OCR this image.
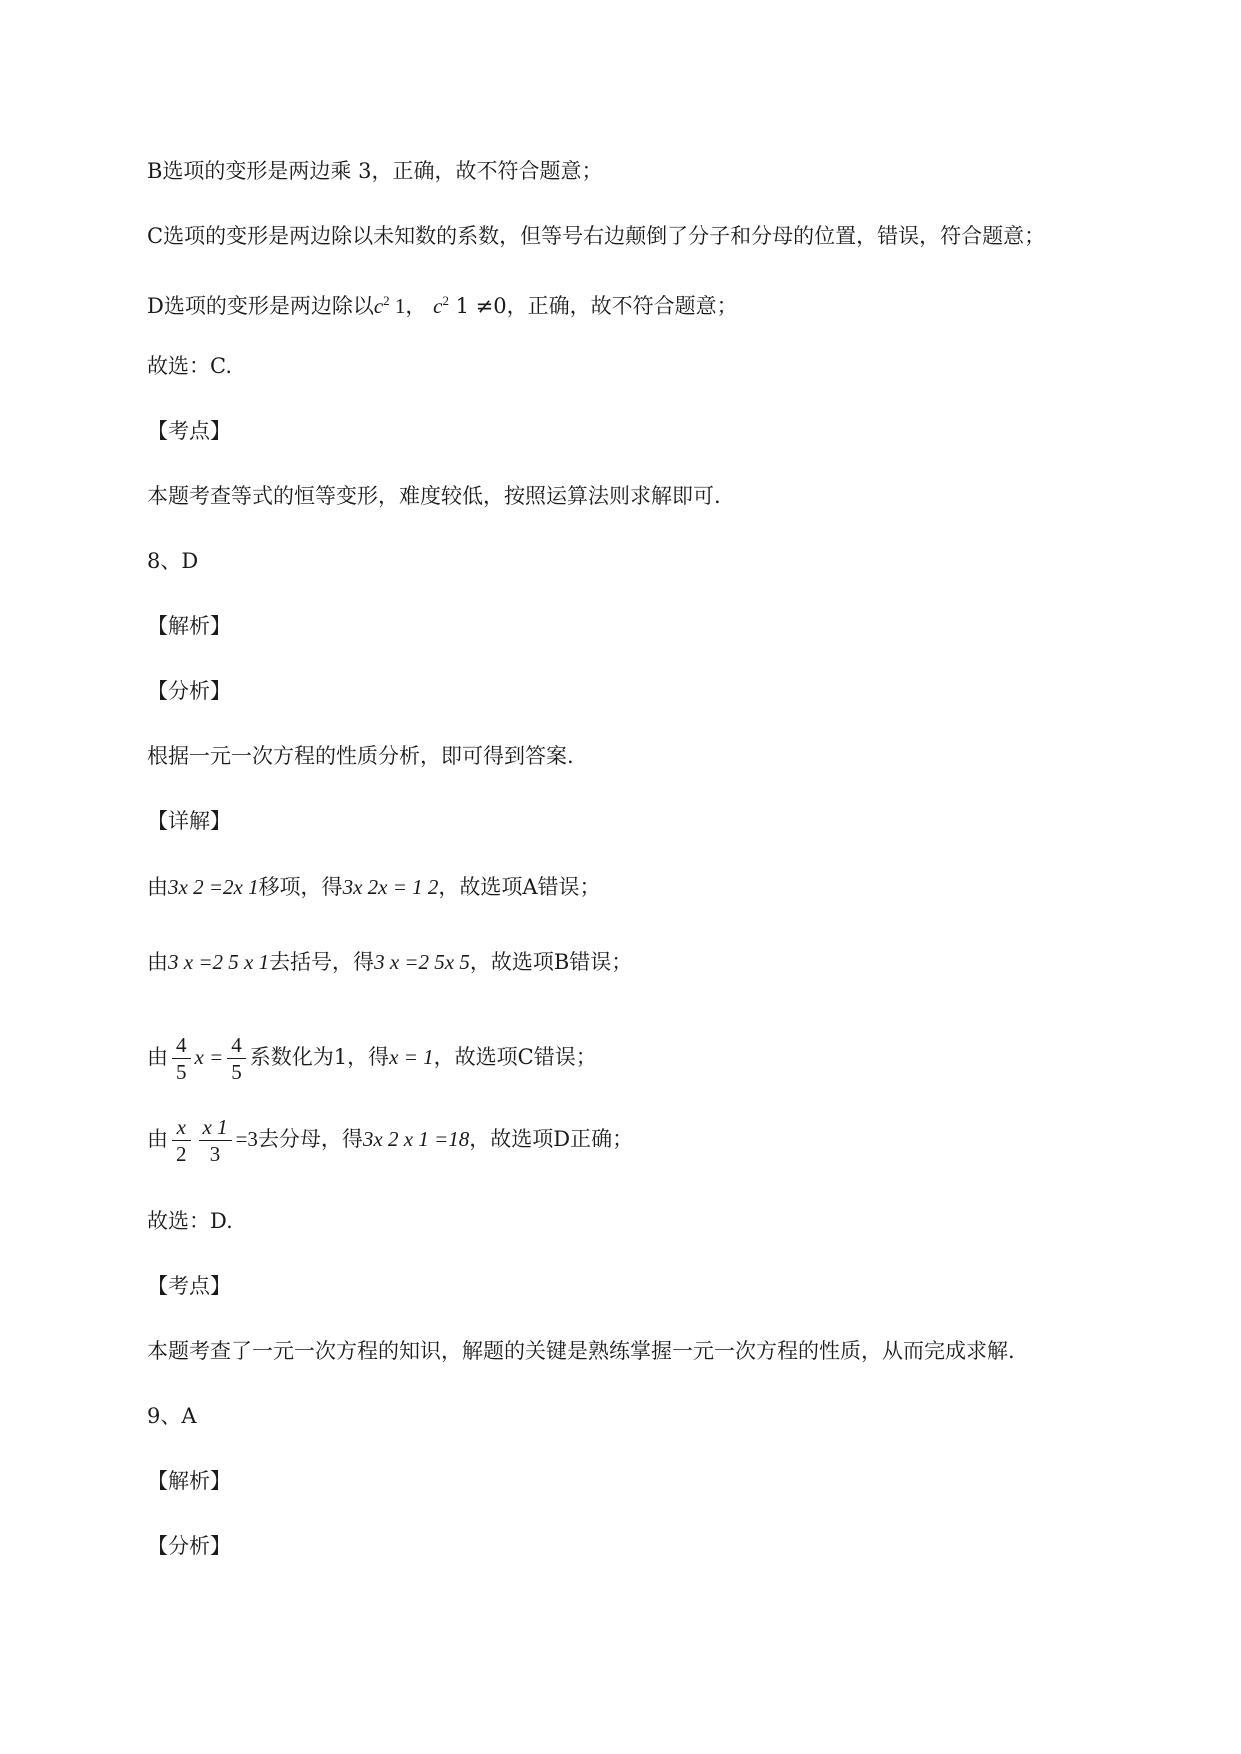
B选项的变形是两边乘 3，正确，故不符合题意；
C选项的变形是两边除以未知数的系数，但等号右边颠倒了分子和分母的位置，错误，符合题意；
D选项的变形是两边除以$c^2$ 1， $c^2$ 1 ≠0，正确，故不符合题意；
故选：C.
【考点】
本题考查等式的恒等变形，难度较低，按照运算法则求解即可.
8、D
【解析】
【分析】
根据一元一次方程的性质分析，即可得到答案.
【详解】
由3x 2 =2x 1移项，得3x 2x = 1 2，故选项A错误；
由3 x =2 5 x 1去括号，得3 x =2 5x 5，故选项B错误；
由 $\frac{4}{5}$ $x = \frac{4}{5}$ 系数化为1，得x = 1，故选项C错误；
由 $\frac{x}{2} \frac{x 1}{3} =3$去分母，得3x 2 x 1 =18，故选项D正确；
故选：D.
【考点】
本题考查了一元一次方程的知识，解题的关键是熟练掌握一元一次方程的性质，从而完成求解.
9、A
【解析】
【分析】
